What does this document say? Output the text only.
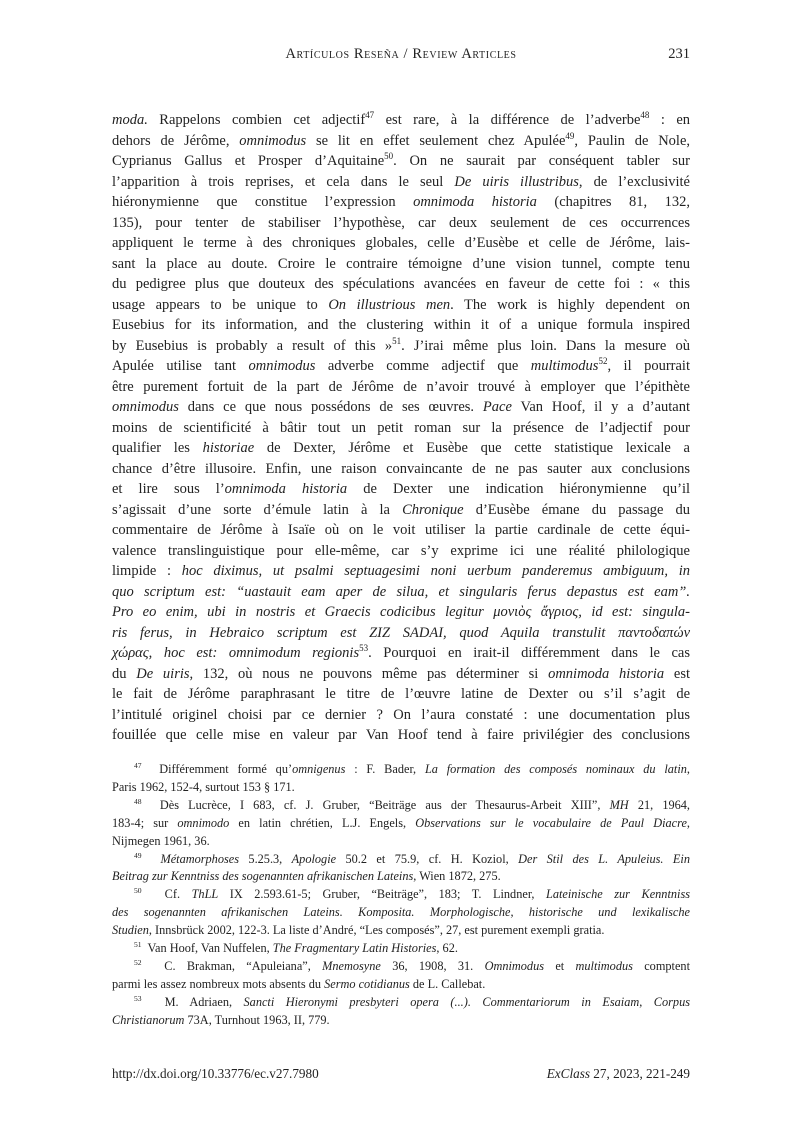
Artículos Reseña / Review Articles	231
moda. Rappelons combien cet adjectif$^{47}$ est rare, à la différence de l’adverbe$^{48}$ : en
dehors de Jérôme, omnimodus se lit en effet seulement chez Apulée$^{49}$, Paulin de Nole,
Cyprianus Gallus et Prosper d’Aquitaine$^{50}$. On ne saurait par conséquent tabler sur
l’apparition à trois reprises, et cela dans le seul De uiris illustribus, de l’exclusivité
hiéronymienne que constitue l’expression omnimoda historia (chapitres 81, 132,
135), pour tenter de stabiliser l’hypothèse, car deux seulement de ces occurrences
appliquent le terme à des chroniques globales, celle d’Eusèbe et celle de Jérôme, lais-
sant la place au doute. Croire le contraire témoigne d’une vision tunnel, compte tenu
du pedigree plus que douteux des spéculations avancées en faveur de cette foi : « this
usage appears to be unique to On illustrious men. The work is highly dependent on
Eusebius for its information, and the clustering within it of a unique formula inspired
by Eusebius is probably a result of this »$^{51}$. J’irai même plus loin. Dans la mesure où
Apulée utilise tant omnimodus adverbe comme adjectif que multimodus$^{52}$, il pourrait
être purement fortuit de la part de Jérôme de n’avoir trouvé à employer que l’épithète
omnimodus dans ce que nous possédons de ses œuvres. Pace Van Hoof, il y a d’autant
moins de scientificité à bâtir tout un petit roman sur la présence de l’adjectif pour
qualifier les historiae de Dexter, Jérôme et Eusèbe que cette statistique lexicale a
chance d’être illusoire. Enfin, une raison convaincante de ne pas sauter aux conclusions
et lire sous l’omnimoda historia de Dexter une indication hiéronymienne qu’il
s’agissait d’une sorte d’émule latin à la Chronique d’Eusèbe émane du passage du
commentaire de Jérôme à Isaïe où on le voit utiliser la partie cardinale de cette équi-
valence translinguistique pour elle-même, car s’y exprime ici une réalité philologique
limpide : hoc diximus, ut psalmi septuagesimi noni uerbum panderemus ambiguum, in
quo scriptum est: “uastauit eam aper de silua, et singularis ferus depastus est eam”.
Pro eo enim, ubi in nostris et Graecis codicibus legitur μονιὸς ἄγριος, id est: singula-
ris ferus, in Hebraico scriptum est ZIZ SADAI, quod Aquila transtulit παντοδαπών
χώρας, hoc est: omnimodum regionis$^{53}$. Pourquoi en irait-il différemment dans le cas
du De uiris, 132, où nous ne pouvons même pas déterminer si omnimoda historia est
le fait de Jérôme paraphrasant le titre de l’œuvre latine de Dexter ou s’il s’agit de
l’intitulé originel choisi par ce dernier ? On l’aura constaté : une documentation plus
fouillée que celle mise en valeur par Van Hoof tend à faire privilégier des conclusions
$^{47}$  Différemment formé qu’omnigenus : F. Bader, La formation des composés nominaux du latin,
Paris 1962, 152-4, surtout 153 § 171.
$^{48}$  Dès Lucrèce, I 683, cf. J. Gruber, “Beiträge aus der Thesaurus-Arbeit XIII”, MH 21, 1964,
183-4; sur omnimodo en latin chrétien, L.J. Engels, Observations sur le vocabulaire de Paul Diacre,
Nijmegen 1961, 36.
$^{49}$ Métamorphoses 5.25.3, Apologie 50.2 et 75.9, cf. H. Koziol, Der Stil des L. Apuleius. Ein
Beitrag zur Kenntniss des sogenannten afrikanischen Lateins, Wien 1872, 275.
$^{50}$  Cf. ThLL IX 2.593.61-5; Gruber, “Beiträge”, 183; T. Lindner, Lateinische zur Kenntniss
des sogenannten afrikanischen Lateins. Komposita. Morphologische, historische und lexikalische
Studien, Innsbrück 2002, 122-3. La liste d’André, “Les composés”, 27, est purement exempli gratia.
$^{51}$  Van Hoof, Van Nuffelen, The Fragmentary Latin Histories, 62.
$^{52}$  C. Brakman, “Apuleiana”, Mnemosyne 36, 1908, 31. Omnimodus et multimodus comptent
parmi les assez nombreux mots absents du Sermo cotidianus de L. Callebat.
$^{53}$  M. Adriaen, Sancti Hieronymi presbyteri opera (...). Commentariorum in Esaiam, Corpus
Christianorum 73A, Turnhout 1963, II, 779.
http://dx.doi.org/10.33776/ec.v27.7980	ExClass 27, 2023, 221-249
